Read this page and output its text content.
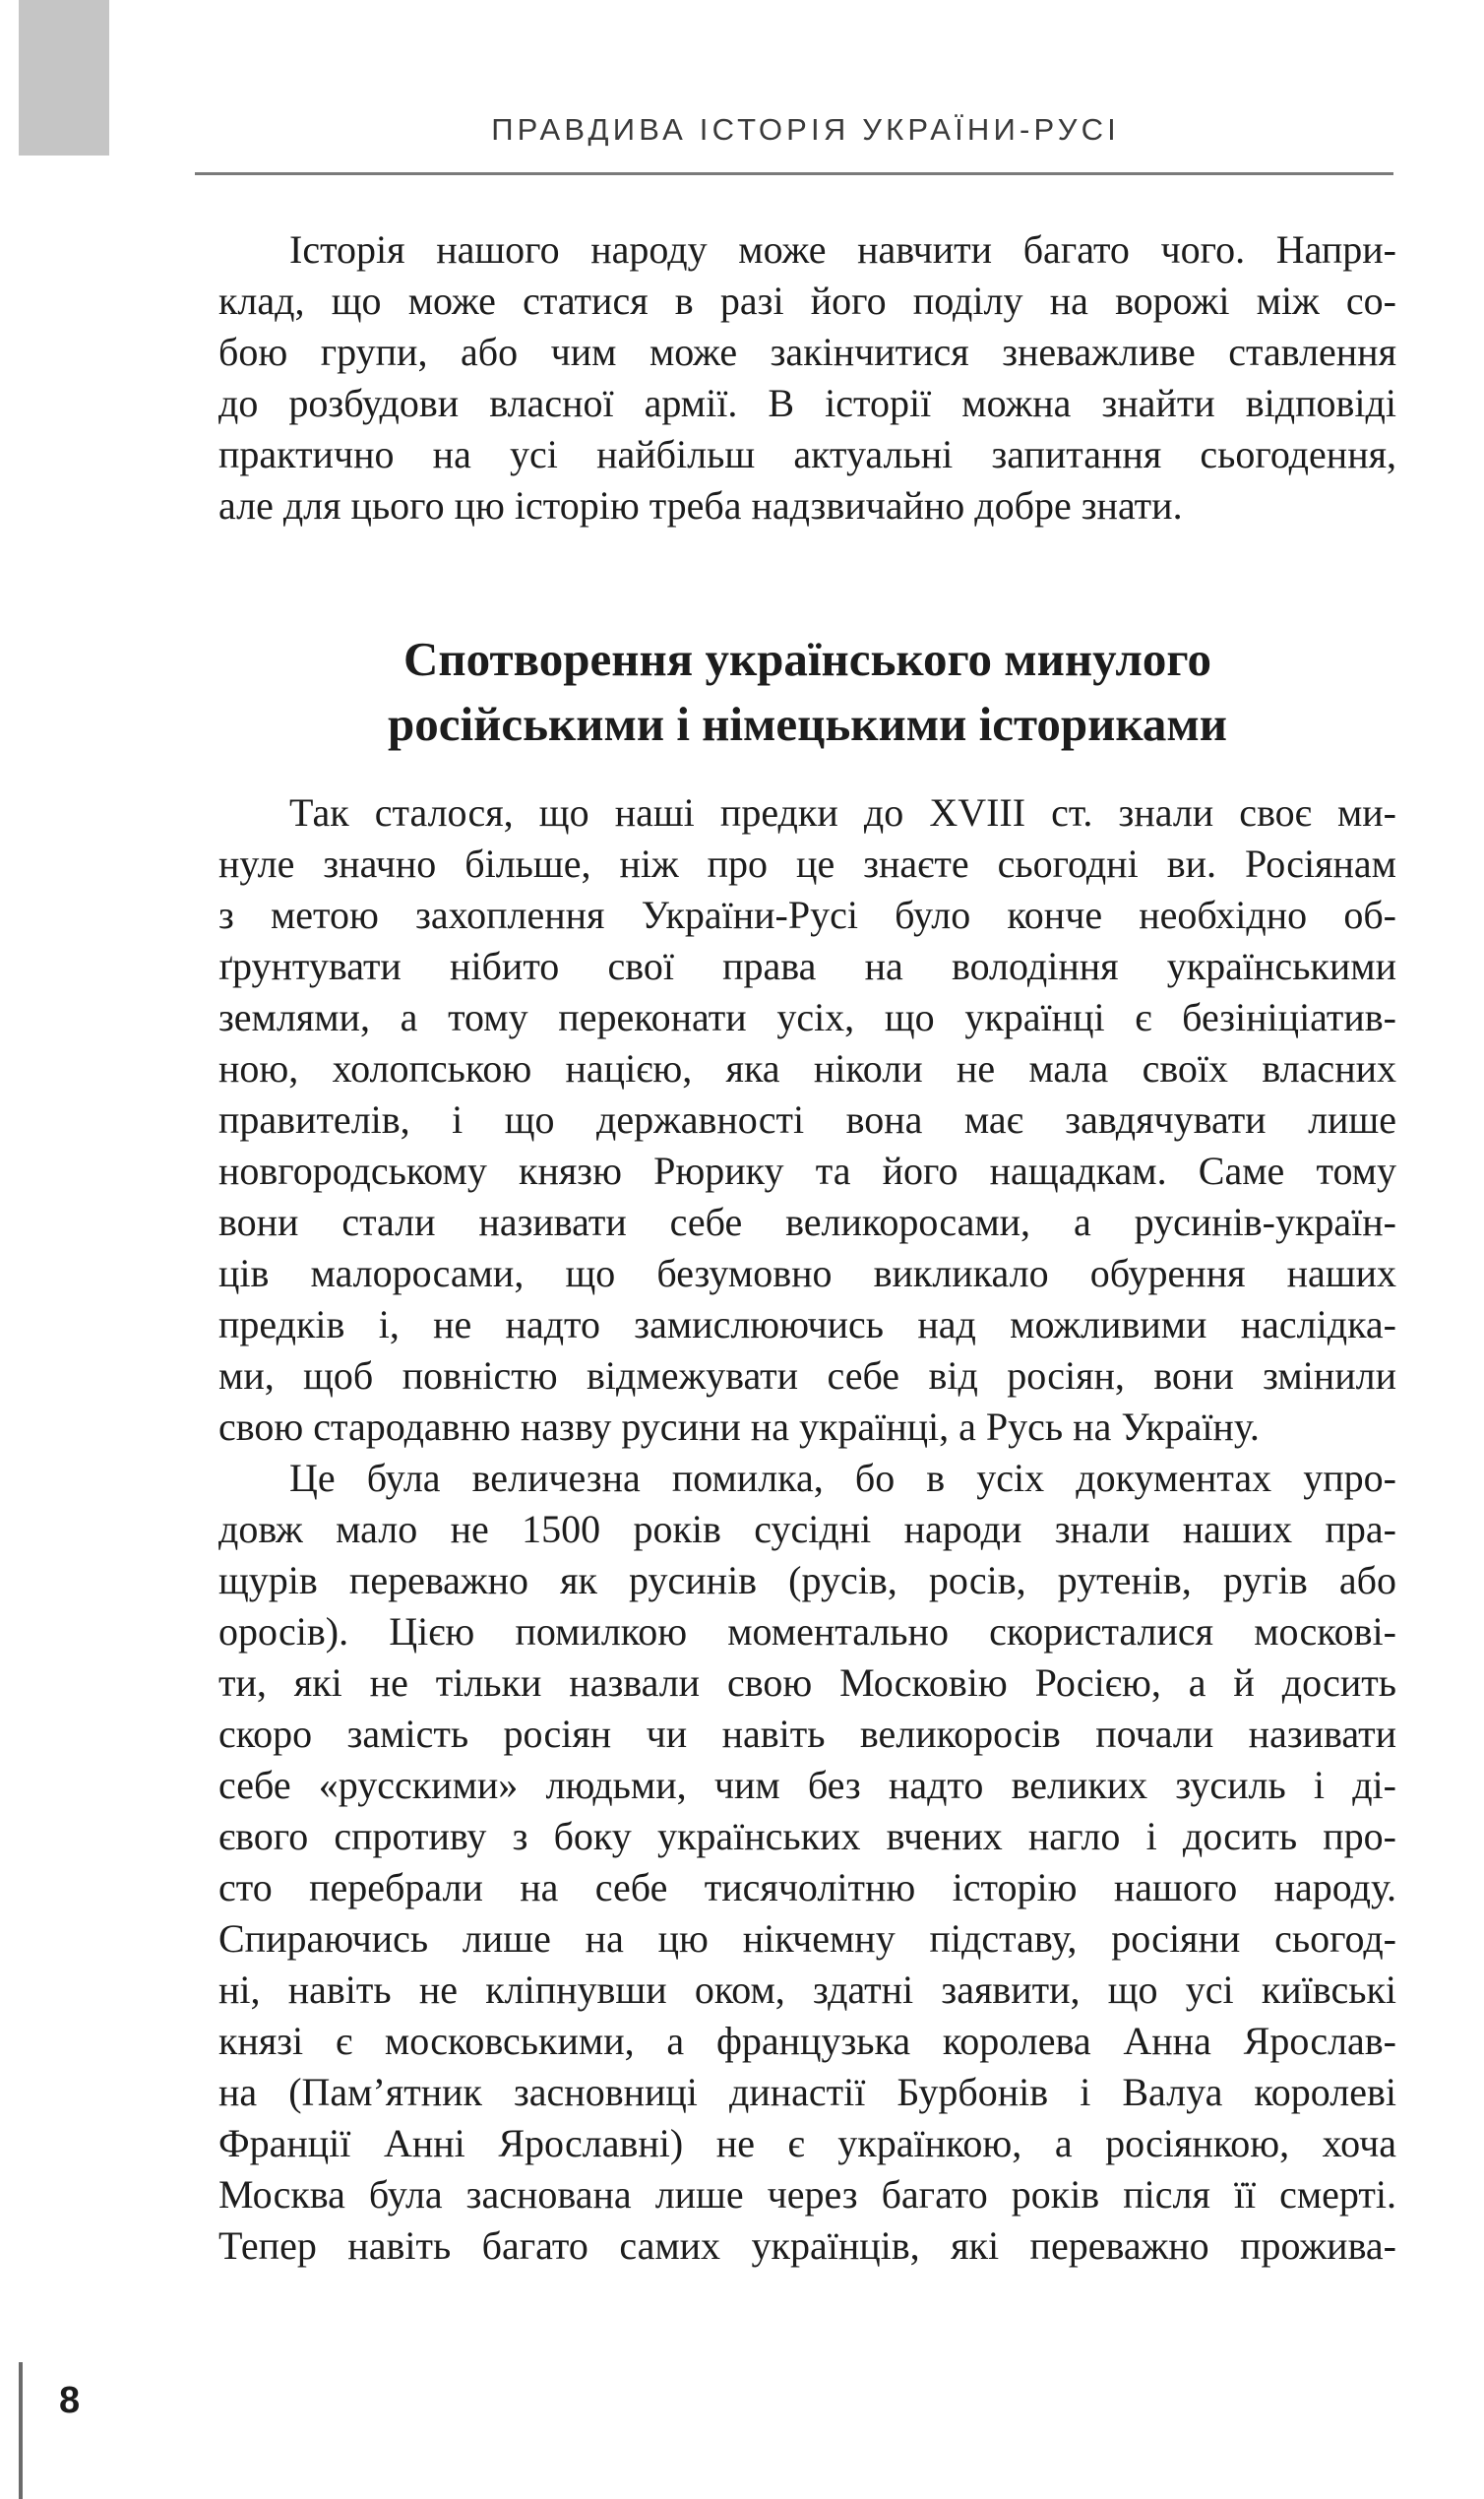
ПРАВДИВА ІСТОРІЯ УКРАЇНИ-РУСІ
Історія нашого народу може навчити багато чого. Напри-
клад, що може статися в разі його поділу на ворожі між со-
бою групи, або чим може закінчитися зневажливе ставлення
до розбудови власної армії. В історії можна знайти відповіді
практично на усі найбільш актуальні запитання сьогодення,
але для цього цю історію треба надзвичайно добре знати.
Спотворення українського минулого
російськими і німецькими істориками
Так сталося, що наші предки до XVIII ст. знали своє ми-
нуле значно більше, ніж про це знаєте сьогодні ви. Росіянам
з метою захоплення України-Русі було конче необхідно об-
ґрунтувати нібито свої права на володіння українськими
землями, а тому переконати усіх, що українці є безініціатив-
ною, холопською нацією, яка ніколи не мала своїх власних
правителів, і що державності вона має завдячувати лише
новгородському князю Рюрику та його нащадкам. Саме тому
вони стали називати себе великоросами, а русинів-україн-
ців малоросами, що безумовно викликало обурення наших
предків і, не надто замислюючись над можливими наслідка-
ми, щоб повністю відмежувати себе від росіян, вони змінили
свою стародавню назву русини на українці, а Русь на Україну.
Це була величезна помилка, бо в усіх документах упро-
довж мало не 1500 років сусідні народи знали наших пра-
щурів переважно як русинів (русів, росів, рутенів, ругів або
оросів). Цією помилкою моментально скористалися москові-
ти, які не тільки назвали свою Московію Росією, а й досить
скоро замість росіян чи навіть великоросів почали називати
себе «русскими» людьми, чим без надто великих зусиль і ді-
євого спротиву з боку українських вчених нагло і досить про-
сто перебрали на себе тисячолітню історію нашого народу.
Спираючись лише на цю нікчемну підставу, росіяни сьогод-
ні, навіть не кліпнувши оком, здатні заявити, що усі київські
князі є московськими, а французька королева Анна Ярослав-
на (Пам’ятник засновниці династії Бурбонів і Валуа королеві
Франції Анні Ярославні) не є українкою, а росіянкою, хоча
Москва була заснована лише через багато років після її смерті.
Тепер навіть багато самих українців, які переважно прожива-
8
